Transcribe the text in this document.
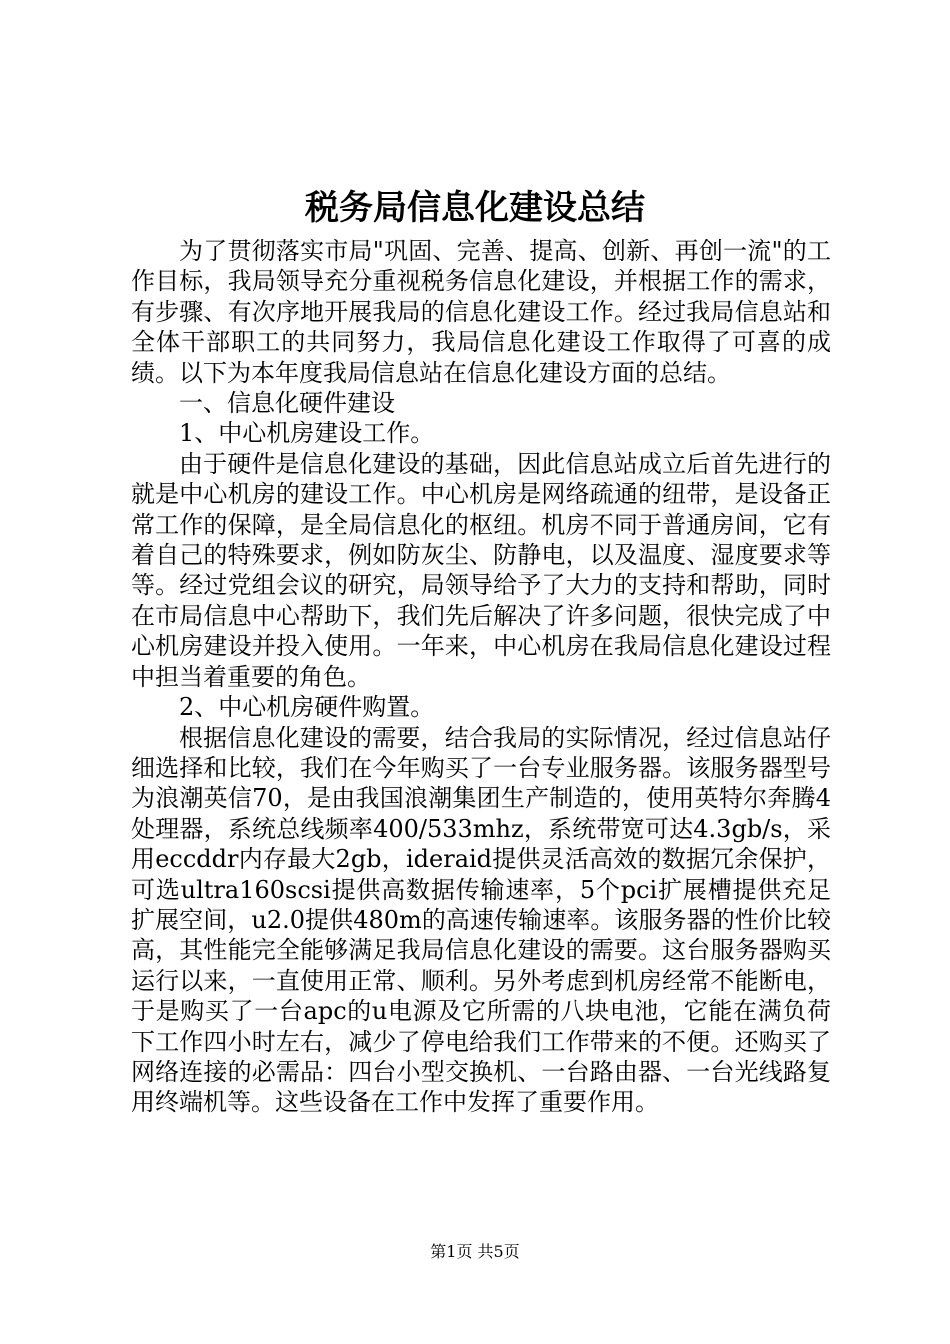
税务局信息化建设总结

为了贯彻落实市局"巩固、完善、提高、创新、再创一流"的工作目标，我局领导充分重视税务信息化建设，并根据工作的需求，有步骤、有次序地开展我局的信息化建设工作。经过我局信息站和全体干部职工的共同努力，我局信息化建设工作取得了可喜的成绩。以下为本年度我局信息站在信息化建设方面的总结。

一、信息化硬件建设

1、中心机房建设工作。

由于硬件是信息化建设的基础，因此信息站成立后首先进行的就是中心机房的建设工作。中心机房是网络疏通的纽带，是设备正常工作的保障，是全局信息化的枢纽。机房不同于普通房间，它有着自己的特殊要求，例如防灰尘、防静电，以及温度、湿度要求等等。经过党组会议的研究，局领导给予了大力的支持和帮助，同时在市局信息中心帮助下，我们先后解决了许多问题，很快完成了中心机房建设并投入使用。一年来，中心机房在我局信息化建设过程中担当着重要的角色。

2、中心机房硬件购置。

根据信息化建设的需要，结合我局的实际情况，经过信息站仔细选择和比较，我们在今年购买了一台专业服务器。该服务器型号为浪潮英信70，是由我国浪潮集团生产制造的，使用英特尔奔腾4处理器，系统总线频率400/533mhz，系统带宽可达4.3gb/s，采用eccddr内存最大2gb，ideraid提供灵活高效的数据冗余保护，可选ultra160scsi提供高数据传输速率，5个pci扩展槽提供充足扩展空间，u2.0提供480m的高速传输速率。该服务器的性价比较高，其性能完全能够满足我局信息化建设的需要。这台服务器购买运行以来，一直使用正常、顺利。另外考虑到机房经常不能断电，于是购买了一台apc的u电源及它所需的八块电池，它能在满负荷下工作四小时左右，减少了停电给我们工作带来的不便。还购买了网络连接的必需品：四台小型交换机、一台路由器、一台光线路复用终端机等。这些设备在工作中发挥了重要作用。

第1页 共5页
